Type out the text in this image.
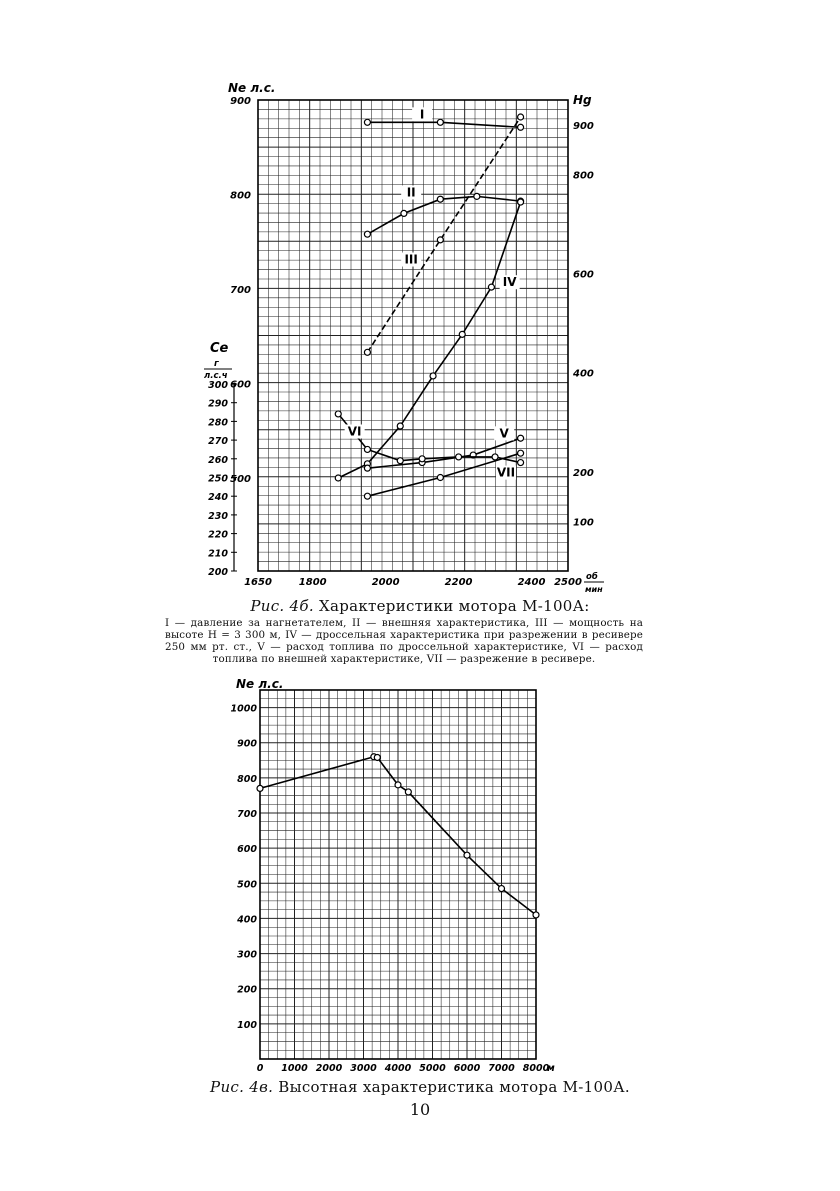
Ne л.с.
900
800
700
600
500
Ce
г
л.с.ч
300
290
280
270
260
250
240
230
220
210
200
Hg
900
800
600
400
200
100
1650	1800	2000	2200	2400 2500 об
мин
I
II
III
IV
V
VI
VII
Ne л.с.
1000
900
800
700
600
500
400
300
200
100
0 1000 2000 3000 4000 5000 6000 7000 8000
м
Рис. 4б. Характеристики мотора М-100А:
I — давление за нагнетателем, II — внешняя характеристика, III — мощность на высоте Н = 3 300 м, IV — дроссельная характеристика при разрежении в ресивере 250 мм рт. ст., V — расход топлива по дроссельной характеристике, VI — расход топлива по внешней характеристике, VII — разрежение в ресивере.
Рис. 4в. Высотная характеристика мотора М-100А.
10
